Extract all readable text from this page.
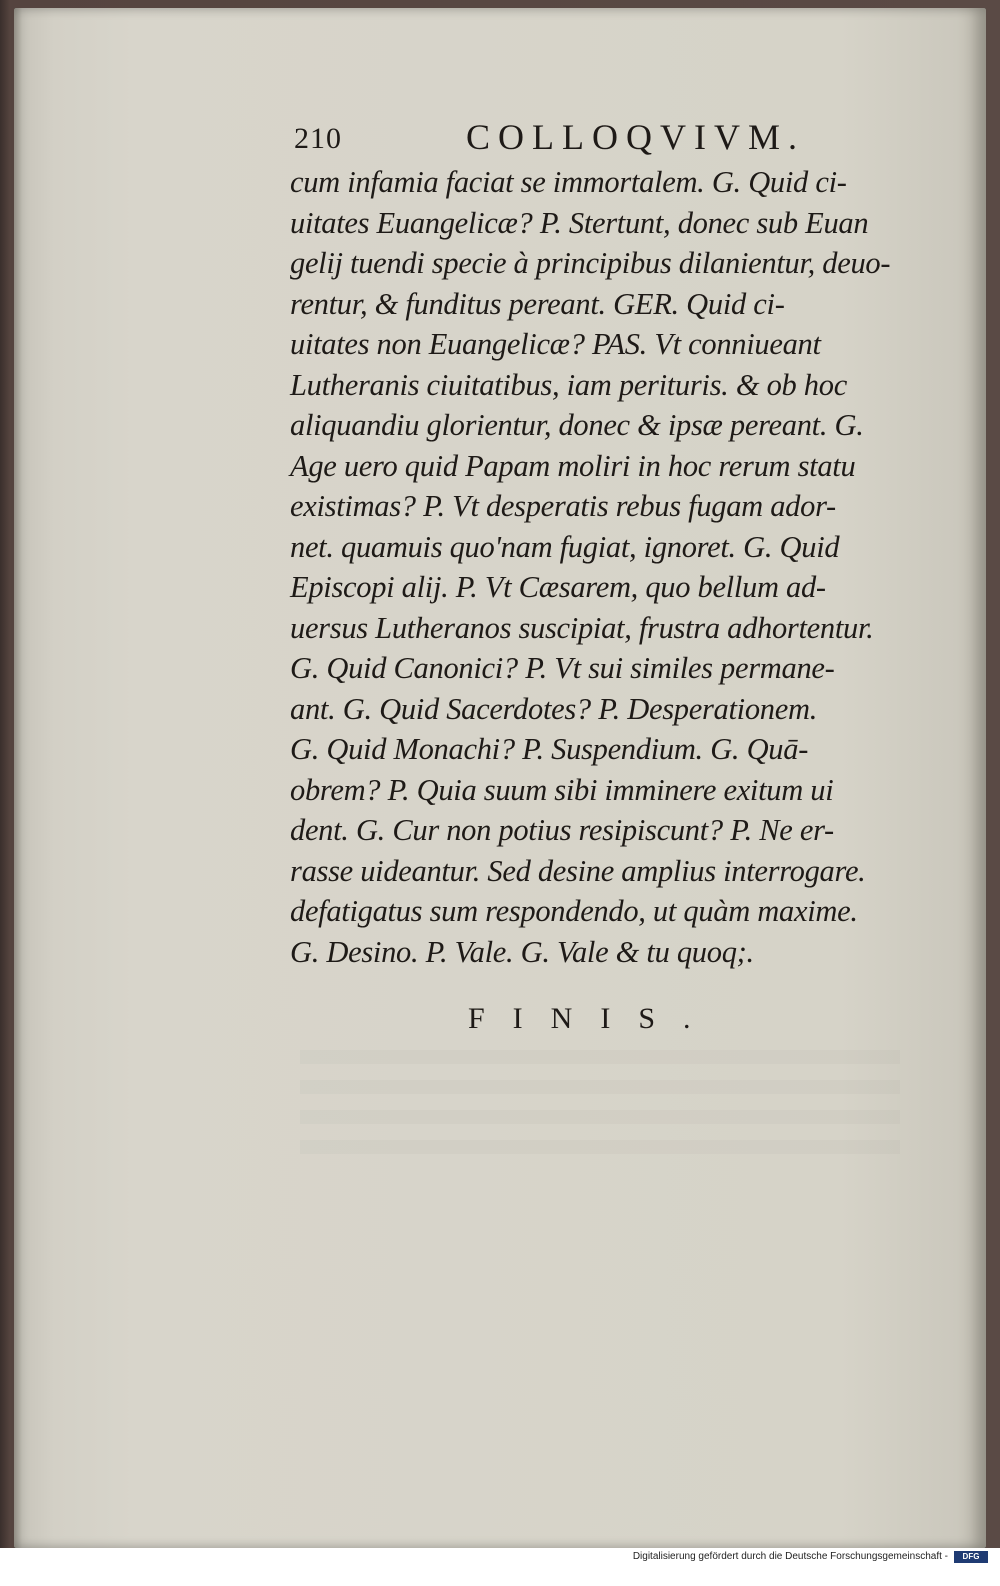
210	COLLOQVIVM.
cum infamia faciat se immortalem. G. Quid ci-
uitates Euangelicæ? P. Stertunt, donec sub Euan
gelij tuendi specie à principibus dilanientur, deuo-
rentur, & funditus pereant. GER. Quid ci-
uitates non Euangelicæ? PAS. Vt conniueant
Lutheranis ciuitatibus, iam perituris. & ob hoc
aliquandiu glorientur, donec & ipsæ pereant. G.
Age uero quid Papam moliri in hoc rerum statu
existimas? P. Vt desperatis rebus fugam ador-
net. quamuis quo'nam fugiat, ignoret. G. Quid
Episcopi alij. P. Vt Cæsarem, quo bellum ad-
uersus Lutheranos suscipiat, frustra adhortentur.
G. Quid Canonici? P. Vt sui similes permane-
ant. G. Quid Sacerdotes? P. Desperationem.
G. Quid Monachi? P. Suspendium. G. Quā-
obrem? P. Quia suum sibi imminere exitum ui
dent. G. Cur non potius resipiscunt? P. Ne er-
rasse uideantur. Sed desine amplius interrogare.
defatigatus sum respondendo, ut quàm maxime.
G. Desino. P. Vale. G. Vale & tu quoq;.
FINIS.
Digitalisierung gefördert durch die Deutsche Forschungsgemeinschaft -	DFG
